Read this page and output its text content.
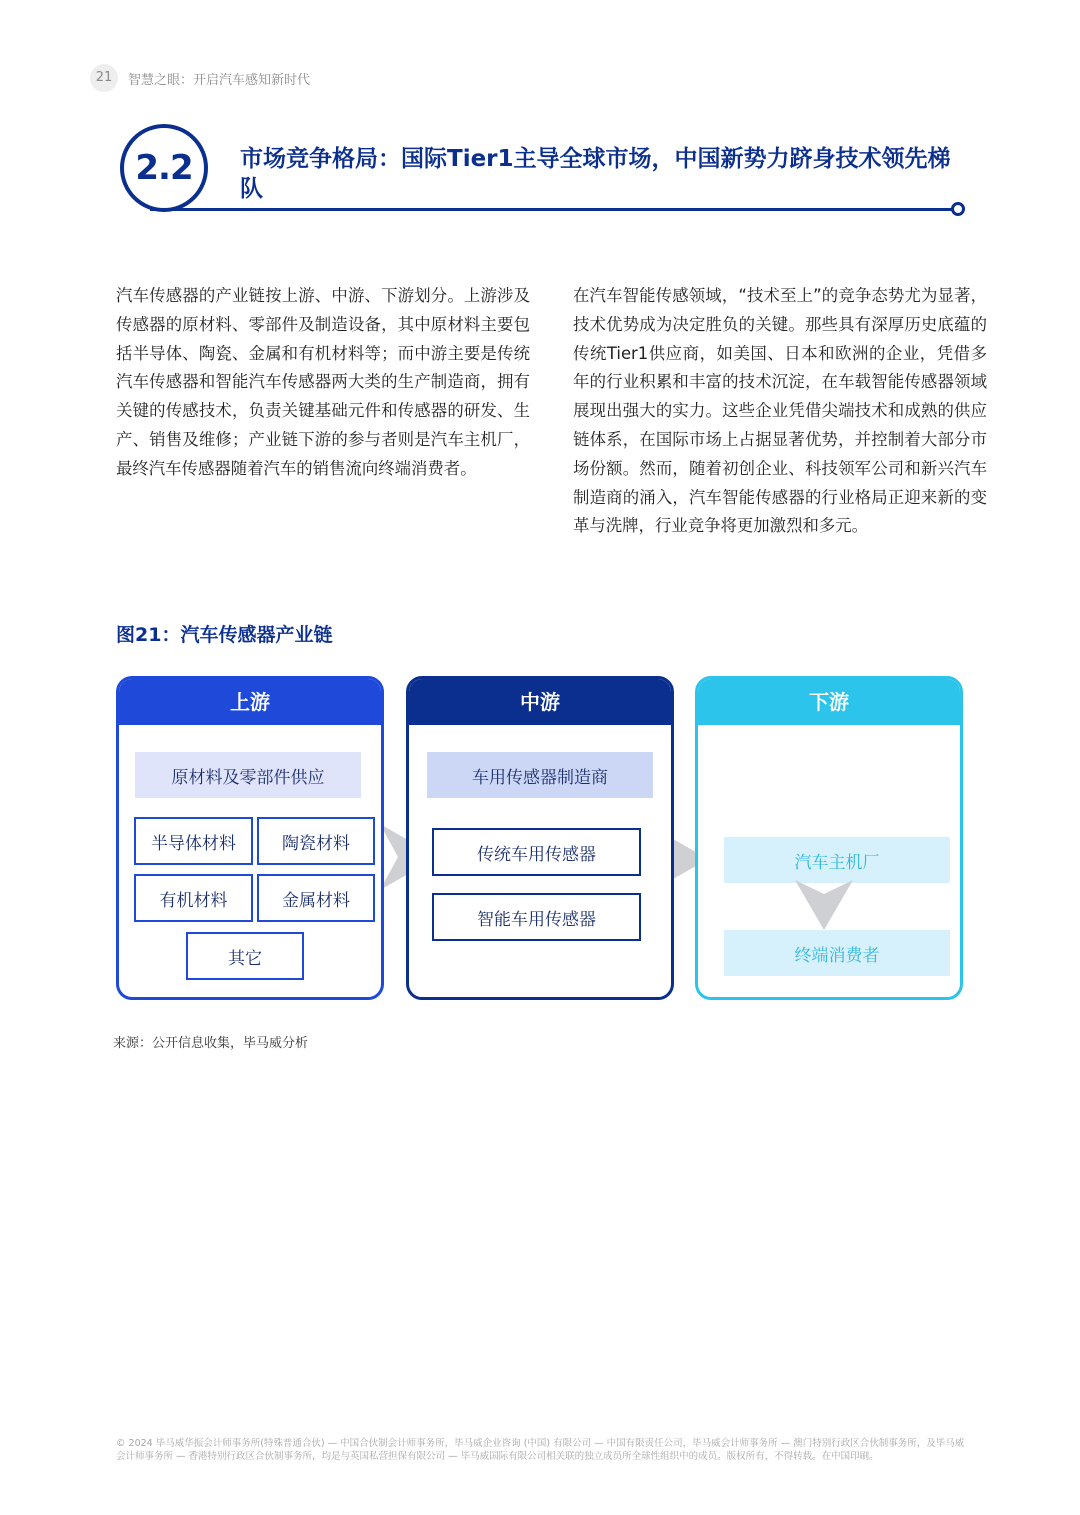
21	智慧之眼：开启汽车感知新时代
2.2 市场竞争格局：国际Tier1主导全球市场，中国新势力跻身技术领先梯队
汽车传感器的产业链按上游、中游、下游划分。上游涉及传感器的原材料、零部件及制造设备，其中原材料主要包括半导体、陶瓷、金属和有机材料等；而中游主要是传统汽车传感器和智能汽车传感器两大类的生产制造商，拥有关键的传感技术，负责关键基础元件和传感器的研发、生产、销售及维修；产业链下游的参与者则是汽车主机厂，最终汽车传感器随着汽车的销售流向终端消费者。
在汽车智能传感领域，“技术至上”的竞争态势尤为显著，技术优势成为决定胜负的关键。那些具有深厚历史底蕴的传统Tier1供应商，如美国、日本和欧洲的企业，凭借多年的行业积累和丰富的技术沉淀，在车载智能传感器领域展现出强大的实力。这些企业凭借尖端技术和成熟的供应链体系，在国际市场上占据显著优势，并控制着大部分市场份额。然而，随着初创企业、科技领军公司和新兴汽车制造商的涌入，汽车智能传感器的行业格局正迎来新的变革与洗牌，行业竞争将更加激烈和多元。
图21：汽车传感器产业链
上游
原材料及零部件供应
半导体材料	陶瓷材料
有机材料	金属材料
其它
中游
车用传感器制造商
传统车用传感器
智能车用传感器
下游
汽车主机厂
终端消费者
来源：公开信息收集，毕马威分析
© 2024 毕马威华振会计师事务所(特殊普通合伙) — 中国合伙制会计师事务所，毕马威企业咨询 (中国) 有限公司 — 中国有限责任公司，毕马威会计师事务所 — 澳门特别行政区合伙制事务所，及毕马威会计师事务所 — 香港特别行政区合伙制事务所，均是与英国私营担保有限公司 — 毕马威国际有限公司相关联的独立成员所全球性组织中的成员。版权所有，不得转载。在中国印刷。
